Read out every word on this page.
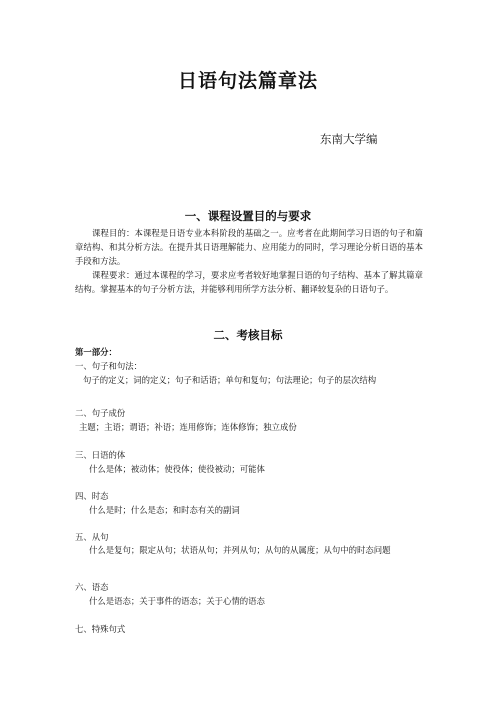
日语句法篇章法
东南大学编
一、课程设置目的与要求
课程目的：本课程是日语专业本科阶段的基础之一。应考者在此期间学习日语的句子和篇章结构、和其分析方法。在提升其日语理解能力、应用能力的同时，学习理论分析日语的基本手段和方法。
课程要求：通过本课程的学习，要求应考者较好地掌握日语的句子结构、基本了解其篇章结构。掌握基本的句子分析方法，并能够利用所学方法分析、翻译较复杂的日语句子。
二、考核目标
第一部分：
一、句子和句法：
句子的定义；词的定义；句子和话语；单句和复句；句法理论；句子的层次结构
二、句子成份
主题；主语；谓语；补语；连用修饰；连体修饰；独立成份
三、日语的体
什么是体；被动体；使役体；使役被动；可能体
四、时态
什么是时；什么是态；和时态有关的副词
五、从句
什么是复句；限定从句；状语从句；并列从句；从句的从属度；从句中的时态问题
六、语态
什么是语态；关于事件的语态；关于心情的语态
七、特殊句式
